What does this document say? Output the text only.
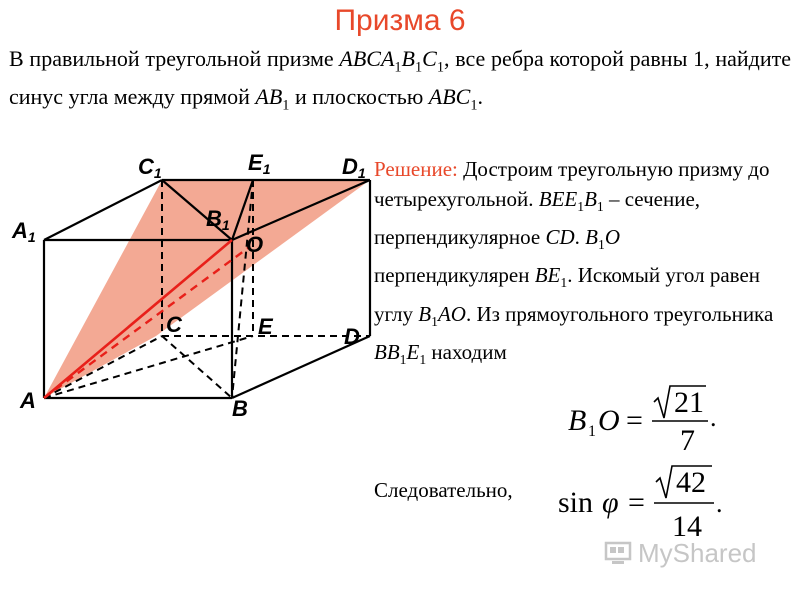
Призма 6
В правильной треугольной призме $ABCA_1B_1C_1$, все ребра которой равны 1, найдите синус угла между прямой $AB_1$ и плоскостью $ABC_1$.
C1	E1	D1
A1
B1
O
C	E	D
A	B
Решение: Достроим треугольную призму до четырехугольной. $BEE_1B_1$ – сечение, перпендикулярное CD. $B_1O$ перпендикулярен $BE_1$. Искомый угол равен углу $B_1AO$. Из прямоугольного треугольника $BB_1E_1$ находим
B 1 O =
21
7
.
Следовательно, sin φ =
42
14
.
MyShared
